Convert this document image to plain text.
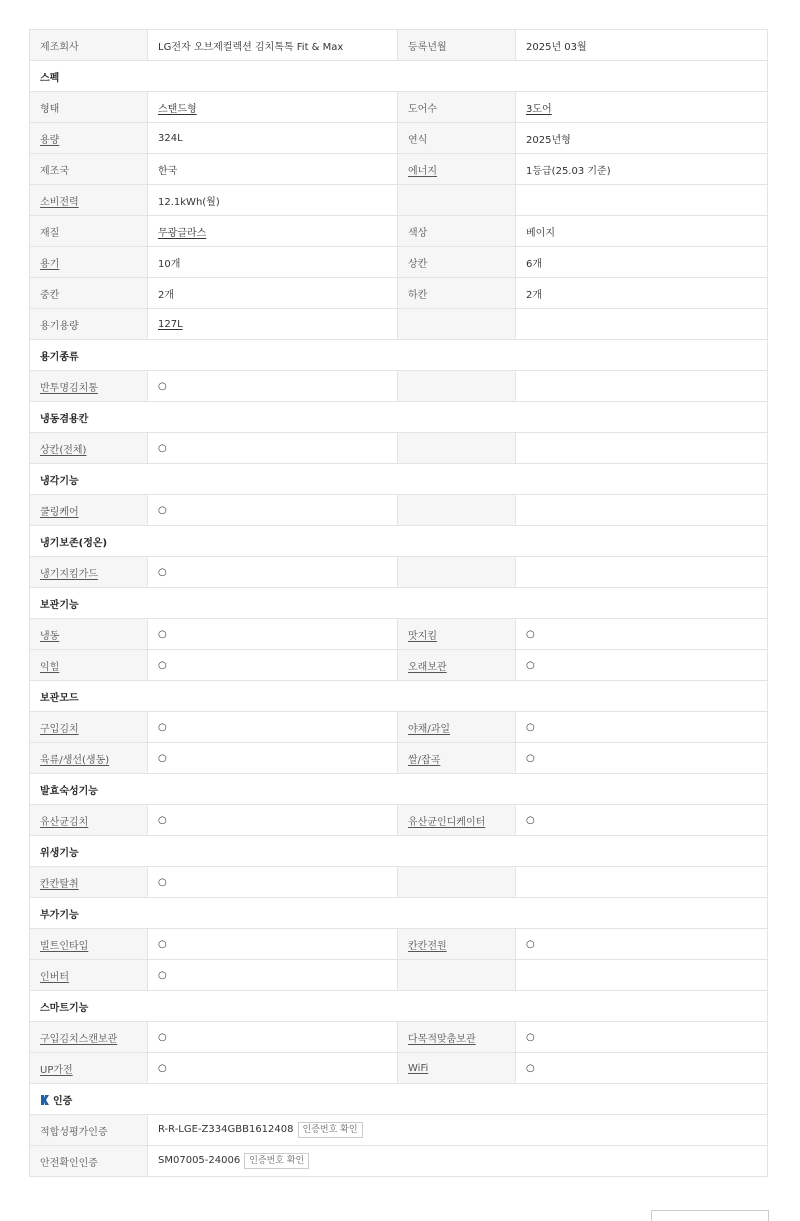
제조회사	LG전자 오브제컬렉션 김치톡톡 Fit & Max	등록년월	2025년 03월
스펙			
형태	스탠드형	도어수	3도어
용량	324L	연식	2025년형
제조국	한국	에너지	1등급(25.03 기준)
소비전력	12.1kWh(월)		
재질	무광글라스	색상	베이지
용기	10개	상칸	6개
중칸	2개	하칸	2개
용기용량	127L		
용기종류			
반투명김치통	○		
냉동겸용칸			
상칸(전체)	○		
냉각기능			
쿨링케어	○		
냉기보존(정온)			
냉기지킴가드	○		
보관기능			
냉동	○	맛지킴	○
익힘	○	오래보관	○
보관모드			
구입김치	○	야채/과일	○
육류/생선(생동)	○	쌀/잡곡	○
발효숙성기능			
유산균김치	○	유산균인디케이터	○
위생기능			
칸칸탈취	○		
부가기능			
빌트인타입	○	칸칸전원	○
인버터	○		
스마트기능			
구입김치스캔보관	○	다목적맞춤보관	○
UP가전	○	WiFi	○
인증			
적합성평가인증	R-R-LGE-Z334GBB1612408 인증번호 확인		
안전확인인증	SM07005-24006 인증번호 확인		
